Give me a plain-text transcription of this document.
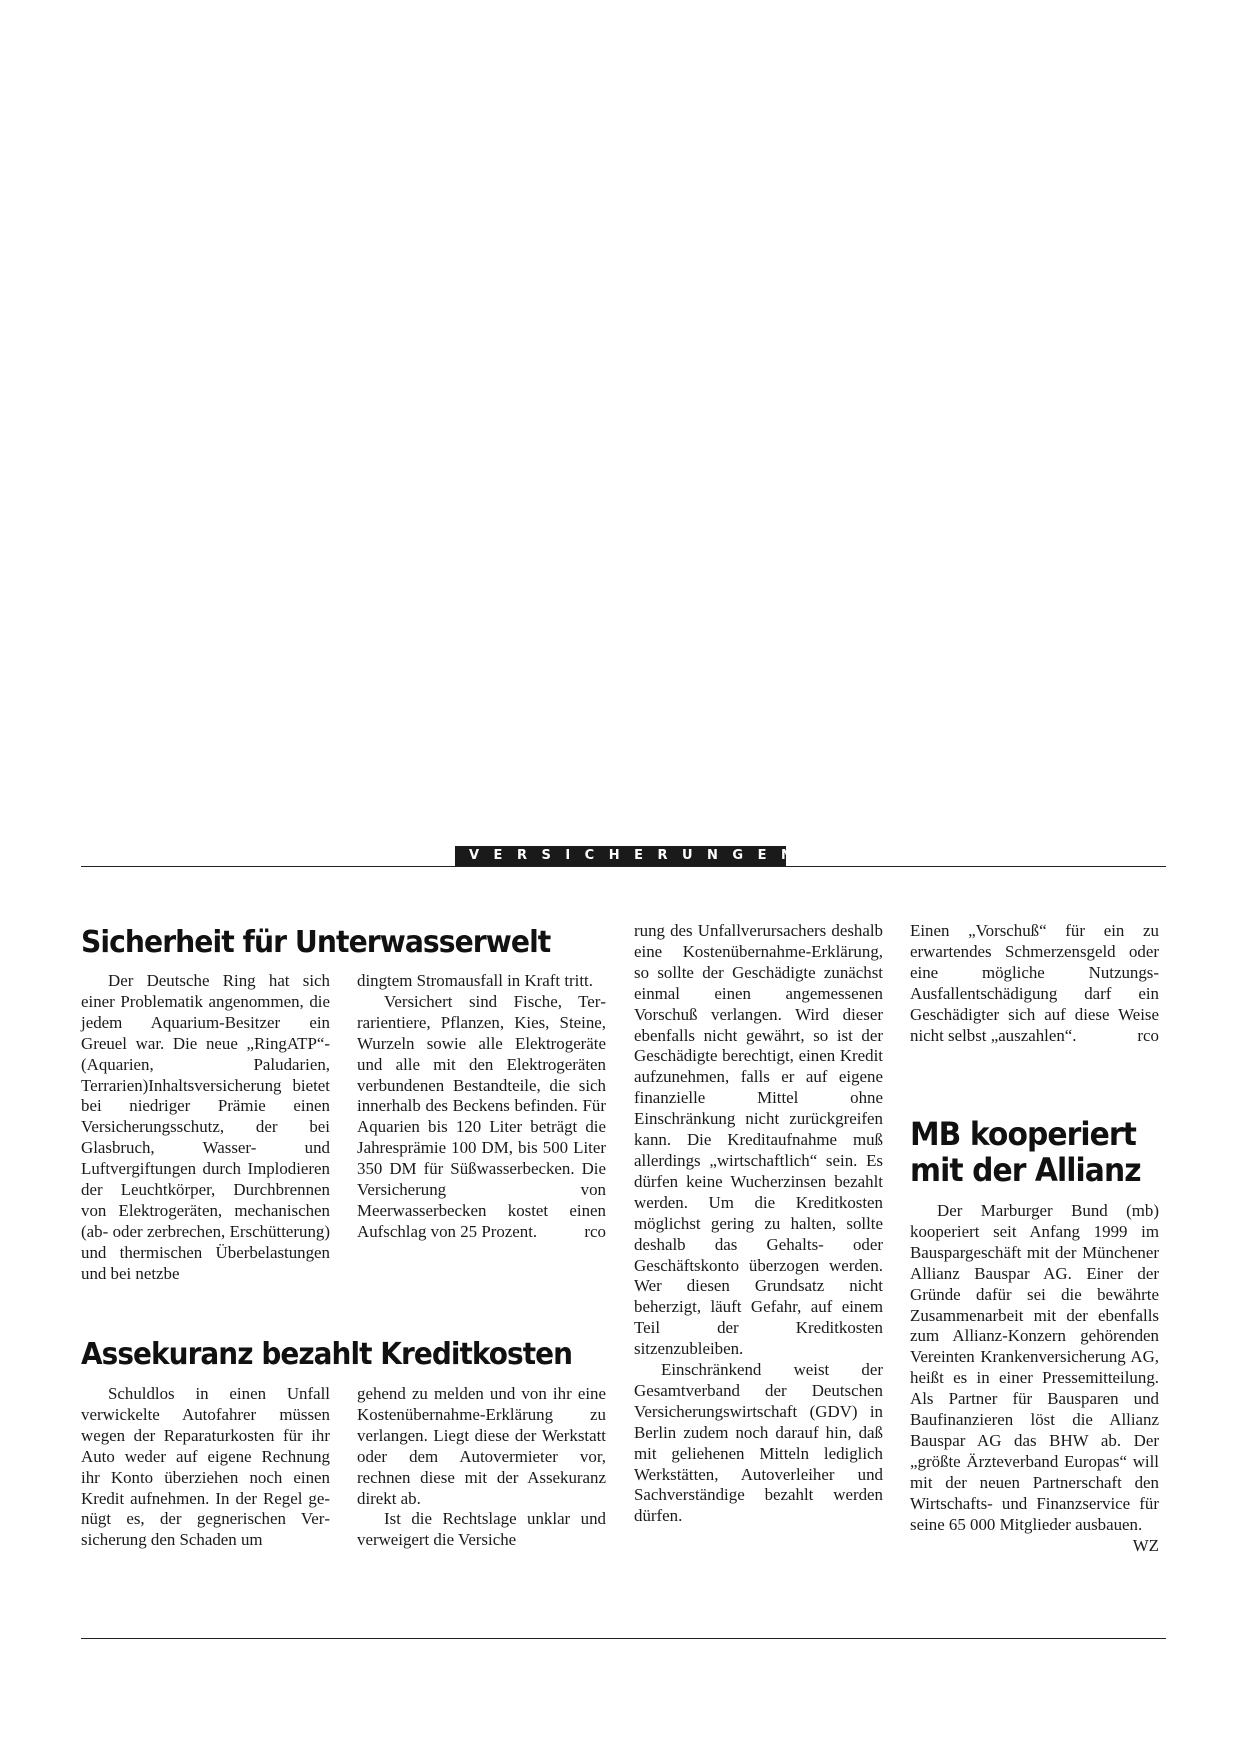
VERSICHERUNGEN
Sicherheit für Unterwasserwelt

Der Deutsche Ring hat sich einer Problematik angenommen, die jedem Aquarium-Besitzer ein Greuel war. Die neue „RingATP“-(Aquarien, Paludarien, Terrarien)Inhaltsversicherung bietet bei niedriger Prämie einen Versicherungsschutz, der bei Glasbruch, Wasser- und Luftvergiftungen durch Implodieren der Leuchtkörper, Durchbrennen von Elektrogeräten, mechanischen (ab- oder zerbrechen, Erschütterung) und thermischen Überbelastungen und bei netzbe

dingtem Stromausfall in Kraft tritt.

Versichert sind Fische, Terrarientiere, Pflanzen, Kies, Steine, Wurzeln sowie alle Elektrogeräte und alle mit den Elektrogeräten verbundenen Bestandteile, die sich innerhalb des Beckens befinden. Für Aquarien bis 120 Liter beträgt die Jahresprämie 100 DM, bis 500 Liter 350 DM für Süßwasserbecken. Die Versicherung von Meerwasserbecken kostet einen Aufschlag von 25 Prozent.	rco

Assekuranz bezahlt Kreditkosten

Schuldlos in einen Unfall verwickelte Autofahrer müssen wegen der Reparaturkosten für ihr Auto weder auf eigene Rechnung ihr Konto überziehen noch einen Kredit aufnehmen. In der Regel genügt es, der gegnerischen Versicherung den Schaden um

gehend zu melden und von ihr eine Kostenübernahme-Erklärung zu verlangen. Liegt diese der Werkstatt oder dem Autovermieter vor, rechnen diese mit der Assekuranz direkt ab.

Ist die Rechtslage unklar und verweigert die Versiche

rung des Unfallverursachers deshalb eine Kostenübernahme-Erklärung, so sollte der Geschädigte zunächst einmal einen angemessenen Vorschuß verlangen. Wird dieser ebenfalls nicht gewährt, so ist der Geschädigte berechtigt, einen Kredit aufzunehmen, falls er auf eigene finanzielle Mittel ohne Einschränkung nicht zurückgreifen kann. Die Kreditaufnahme muß allerdings „wirtschaftlich“ sein. Es dürfen keine Wucherzinsen bezahlt werden. Um die Kreditkosten möglichst gering zu halten, sollte deshalb das Gehalts- oder Geschäftskonto überzogen werden. Wer diesen Grundsatz nicht beherzigt, läuft Gefahr, auf einem Teil der Kreditkosten sitzenzubleiben.

Einschränkend weist der Gesamtverband der Deutschen Versicherungswirtschaft (GDV) in Berlin zudem noch darauf hin, daß mit geliehenen Mitteln lediglich Werkstätten, Autoverleiher und Sachverständige bezahlt werden dürfen.

Einen „Vorschuß“ für ein zu erwartendes Schmerzensgeld oder eine mögliche Nutzungs-Ausfallentschädigung darf ein Geschädigter sich auf diese Weise nicht selbst „auszahlen“.	rco

MB kooperiert
mit der Allianz

Der Marburger Bund (mb) kooperiert seit Anfang 1999 im Bauspargeschäft mit der Münchener Allianz Bauspar AG. Einer der Gründe dafür sei die bewährte Zusammenarbeit mit der ebenfalls zum Allianz-Konzern gehörenden Vereinten Krankenversicherung AG, heißt es in einer Pressemitteilung. Als Partner für Bausparen und Baufinanzieren löst die Allianz Bauspar AG das BHW ab. Der „größte Ärzteverband Europas“ will mit der neuen Partnerschaft den Wirtschafts- und Finanzservice für seine 65 000 Mitglieder ausbauen.
WZ
